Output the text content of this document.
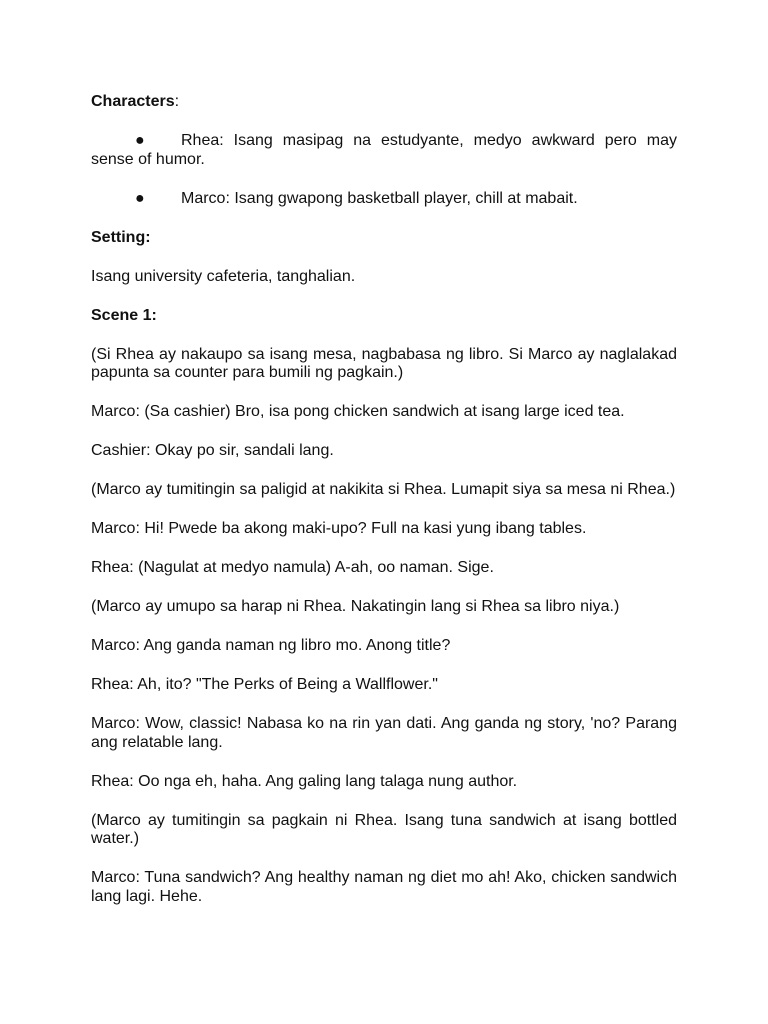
Characters:

● Rhea: Isang masipag na estudyante, medyo awkward pero may sense of humor.

● Marco: Isang gwapong basketball player, chill at mabait.

Setting:

Isang university cafeteria, tanghalian.

Scene 1:

(Si Rhea ay nakaupo sa isang mesa, nagbabasa ng libro. Si Marco ay naglalakad papunta sa counter para bumili ng pagkain.)

Marco: (Sa cashier) Bro, isa pong chicken sandwich at isang large iced tea.

Cashier: Okay po sir, sandali lang.

(Marco ay tumitingin sa paligid at nakikita si Rhea. Lumapit siya sa mesa ni Rhea.)

Marco: Hi! Pwede ba akong maki-upo? Full na kasi yung ibang tables.

Rhea: (Nagulat at medyo namula) A-ah, oo naman. Sige.

(Marco ay umupo sa harap ni Rhea. Nakatingin lang si Rhea sa libro niya.)

Marco: Ang ganda naman ng libro mo. Anong title?

Rhea: Ah, ito? "The Perks of Being a Wallflower."

Marco: Wow, classic! Nabasa ko na rin yan dati. Ang ganda ng story, 'no? Parang ang relatable lang.

Rhea: Oo nga eh, haha. Ang galing lang talaga nung author.

(Marco ay tumitingin sa pagkain ni Rhea. Isang tuna sandwich at isang bottled water.)

Marco: Tuna sandwich? Ang healthy naman ng diet mo ah! Ako, chicken sandwich lang lagi. Hehe.
